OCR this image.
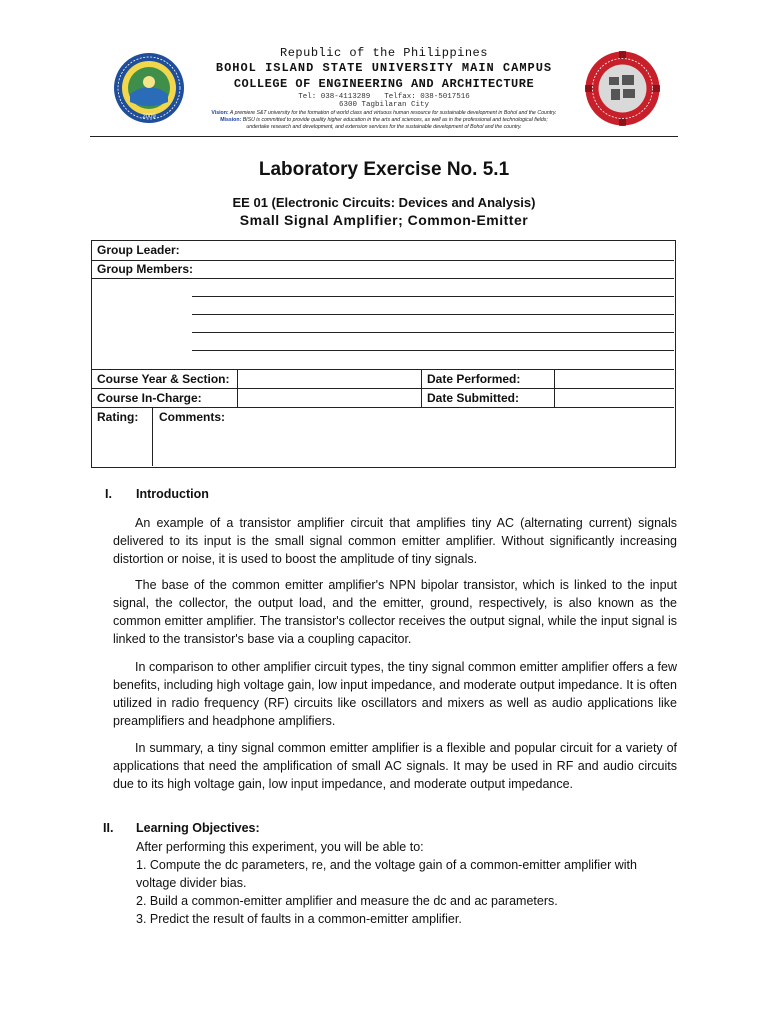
2009
Republic of the Philippines
BOHOL ISLAND STATE UNIVERSITY MAIN CAMPUS
COLLEGE OF ENGINEERING AND ARCHITECTURE
Tel: 038-4113289 Telfax: 038-5017516
6300 Tagbilaran City
Vision: A premiere S&T university for the formation of world class and virtuous human resource for sustainable development in Bohol and the Country.
Mission: BISU is committed to provide quality higher education in the arts and sciences, as well as in the professional and technological fields;
undertake research and development, and extension services for the sustainable development of Bohol and the country.
Laboratory Exercise No. 5.1
EE 01 (Electronic Circuits: Devices and Analysis)
Small Signal Amplifier; Common-Emitter
Group Leader:
Group Members:
Course Year & Section:	Date Performed:
Course In-Charge:	Date Submitted:
Rating: Comments:
I. Introduction
An example of a transistor amplifier circuit that amplifies tiny AC (alternating current) signals delivered to its input is the small signal common emitter amplifier. Without significantly increasing distortion or noise, it is used to boost the amplitude of tiny signals.
The base of the common emitter amplifier's NPN bipolar transistor, which is linked to the input signal, the collector, the output load, and the emitter, ground, respectively, is also known as the common emitter amplifier. The transistor's collector receives the output signal, while the input signal is linked to the transistor's base via a coupling capacitor.
In comparison to other amplifier circuit types, the tiny signal common emitter amplifier offers a few benefits, including high voltage gain, low input impedance, and moderate output impedance. It is often utilized in radio frequency (RF) circuits like oscillators and mixers as well as audio applications like preamplifiers and headphone amplifiers.
In summary, a tiny signal common emitter amplifier is a flexible and popular circuit for a variety of applications that need the amplification of small AC signals. It may be used in RF and audio circuits due to its high voltage gain, low input impedance, and moderate output impedance.
II. Learning Objectives:
After performing this experiment, you will be able to:
1. Compute the dc parameters, re, and the voltage gain of a common-emitter amplifier with voltage divider bias.
2. Build a common-emitter amplifier and measure the dc and ac parameters.
3. Predict the result of faults in a common-emitter amplifier.
